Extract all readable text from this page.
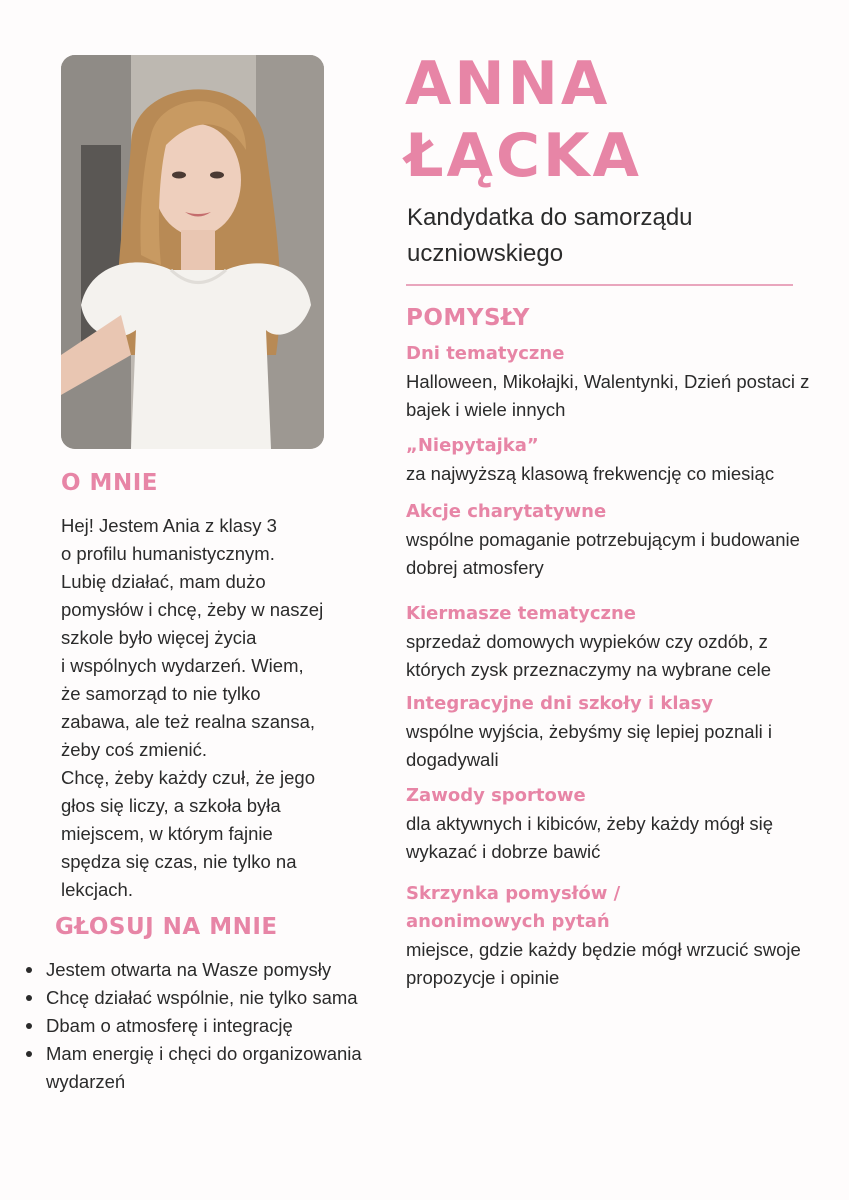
ANNA
ŁĄCKA

Kandydatka do samorządu uczniowskiego

POMYSŁY
Dni tematyczne

Halloween, Mikołajki, Walentynki, Dzień postaci z bajek i wiele innych

„Niepytajka”

za najwyższą klasową frekwencję co miesiąc

Akcje charytatywne

wspólne pomaganie potrzebującym i budowanie dobrej atmosfery

Kiermasze tematyczne

sprzedaż domowych wypieków czy ozdób, z których zysk przeznaczymy na wybrane cele

Integracyjne dni szkoły i klasy

wspólne wyjścia, żebyśmy się lepiej poznali i dogadywali

Zawody sportowe

dla aktywnych i kibiców, żeby każdy mógł się wykazać i dobrze bawić

Skrzynka pomysłów / anonimowych pytań

miejsce, gdzie każdy będzie mógł wrzucić swoje propozycje i opinie

O MNIE

Hej! Jestem Ania z klasy 3
o profilu humanistycznym.
Lubię działać, mam dużo
pomysłów i chcę, żeby w naszej
szkole było więcej życia
i wspólnych wydarzeń. Wiem,
że samorząd to nie tylko
zabawa, ale też realna szansa,
żeby coś zmienić.
Chcę, żeby każdy czuł, że jego
głos się liczy, a szkoła była
miejscem, w którym fajnie
spędza się czas, nie tylko na
lekcjach.

GŁOSUJ NA MNIE
Jestem otwarta na Wasze pomysły
Chcę działać wspólnie, nie tylko sama
Dbam o atmosferę i integrację
Mam energię i chęci do organizowania wydarzeń
